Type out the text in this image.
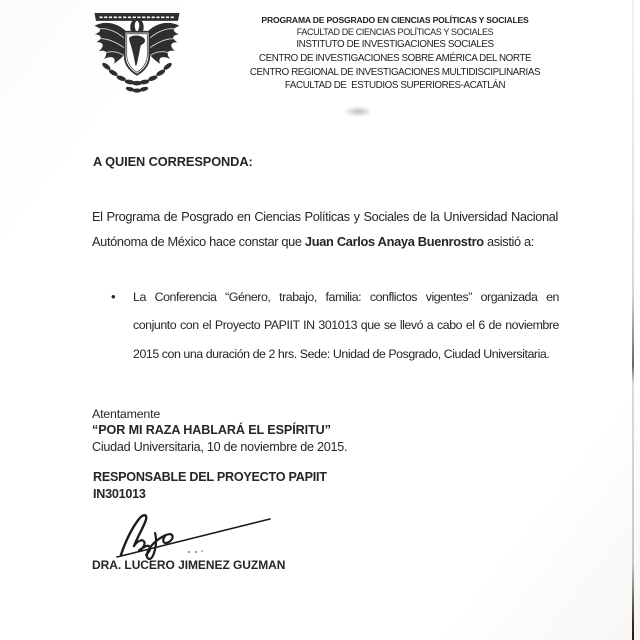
PROGRAMA DE POSGRADO EN CIENCIAS POLÍTICAS Y SOCIALES
FACULTAD DE CIENCIAS POLÍTICAS Y SOCIALES
INSTITUTO DE INVESTIGACIONES SOCIALES
CENTRO DE INVESTIGACIONES SOBRE AMÉRICA DEL NORTE
CENTRO REGIONAL DE INVESTIGACIONES MULTIDISCIPLINARIAS
FACULTAD DE  ESTUDIOS SUPERIORES-ACATLÁN
A QUIEN CORRESPONDA:

El Programa de Posgrado en Ciencias Políticas y Sociales de la Universidad Nacional Autónoma de México hace constar que Juan Carlos Anaya Buenrostro asistió a:

•	La Conferencia “Género, trabajo, familia: conflictos vigentes” organizada en conjunto con el Proyecto PAPIIT IN 301013 que se llevó a cabo el 6 de noviembre 2015 con una duración de 2 hrs. Sede: Unidad de Posgrado, Ciudad Universitaria.
Atentamente
“POR MI RAZA HABLARÁ EL ESPÍRITU”
Ciudad Universitaria, 10 de noviembre de 2015.
RESPONSABLE DEL PROYECTO PAPIIT
IN301013
DRA. LUCERO JIMENEZ GUZMAN
